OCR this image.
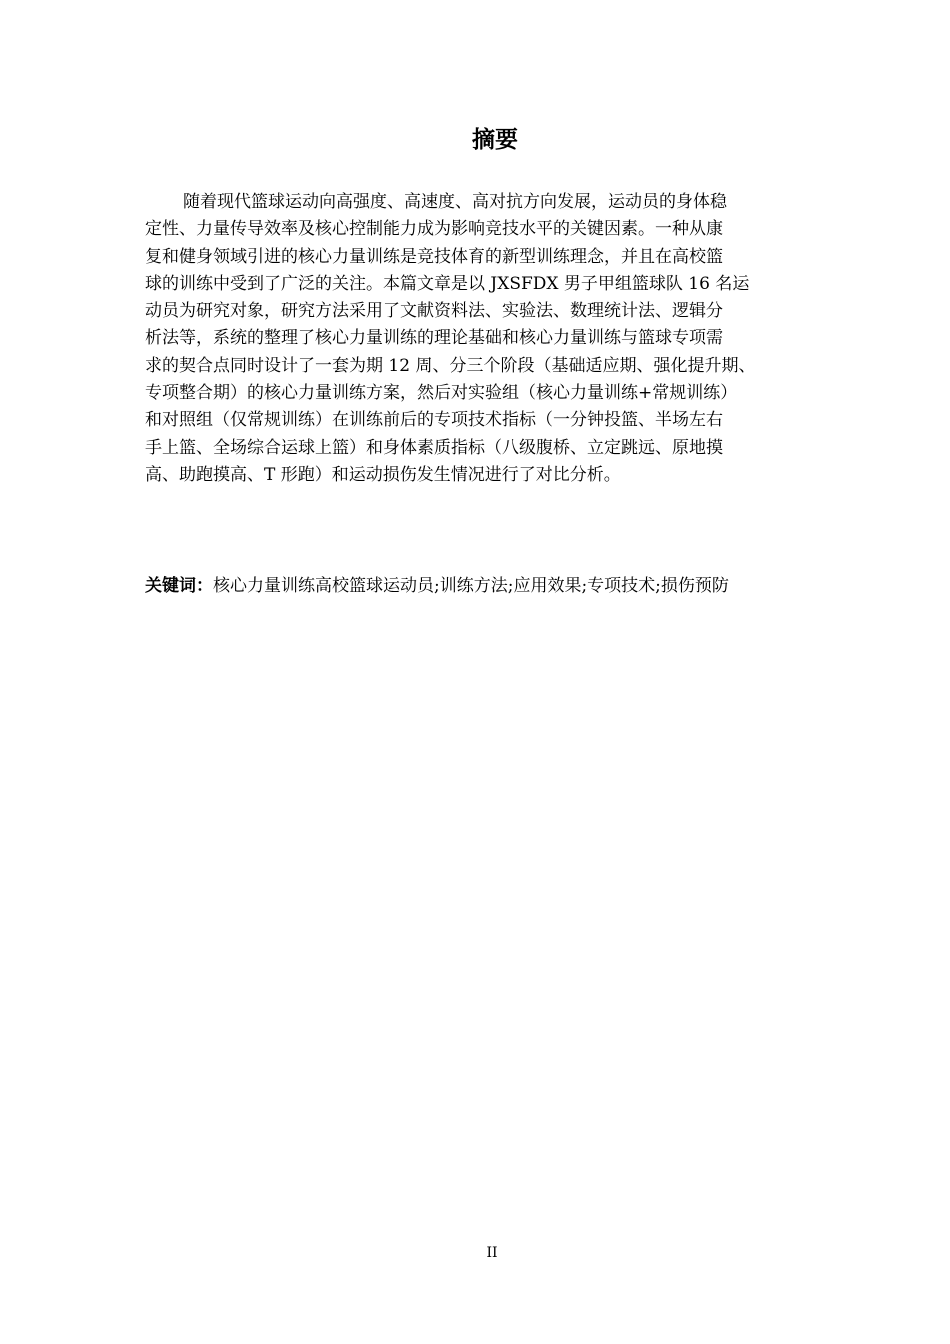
摘要
随着现代篮球运动向高强度、高速度、高对抗方向发展，运动员的身体稳
定性、力量传导效率及核心控制能力成为影响竞技水平的关键因素。一种从康
复和健身领域引进的核心力量训练是竞技体育的新型训练理念，并且在高校篮
球的训练中受到了广泛的关注。本篇文章是以 JXSFDX 男子甲组篮球队 16 名运
动员为研究对象，研究方法采用了文献资料法、实验法、数理统计法、逻辑分
析法等，系统的整理了核心力量训练的理论基础和核心力量训练与篮球专项需
求的契合点同时设计了一套为期 12 周、分三个阶段（基础适应期、强化提升期、
专项整合期）的核心力量训练方案，然后对实验组（核心力量训练+常规训练）
和对照组（仅常规训练）在训练前后的专项技术指标（一分钟投篮、半场左右
手上篮、全场综合运球上篮）和身体素质指标（八级腹桥、立定跳远、原地摸
高、助跑摸高、T 形跑）和运动损伤发生情况进行了对比分析。
关键词：核心力量训练高校篮球运动员;训练方法;应用效果;专项技术;损伤预防
II
